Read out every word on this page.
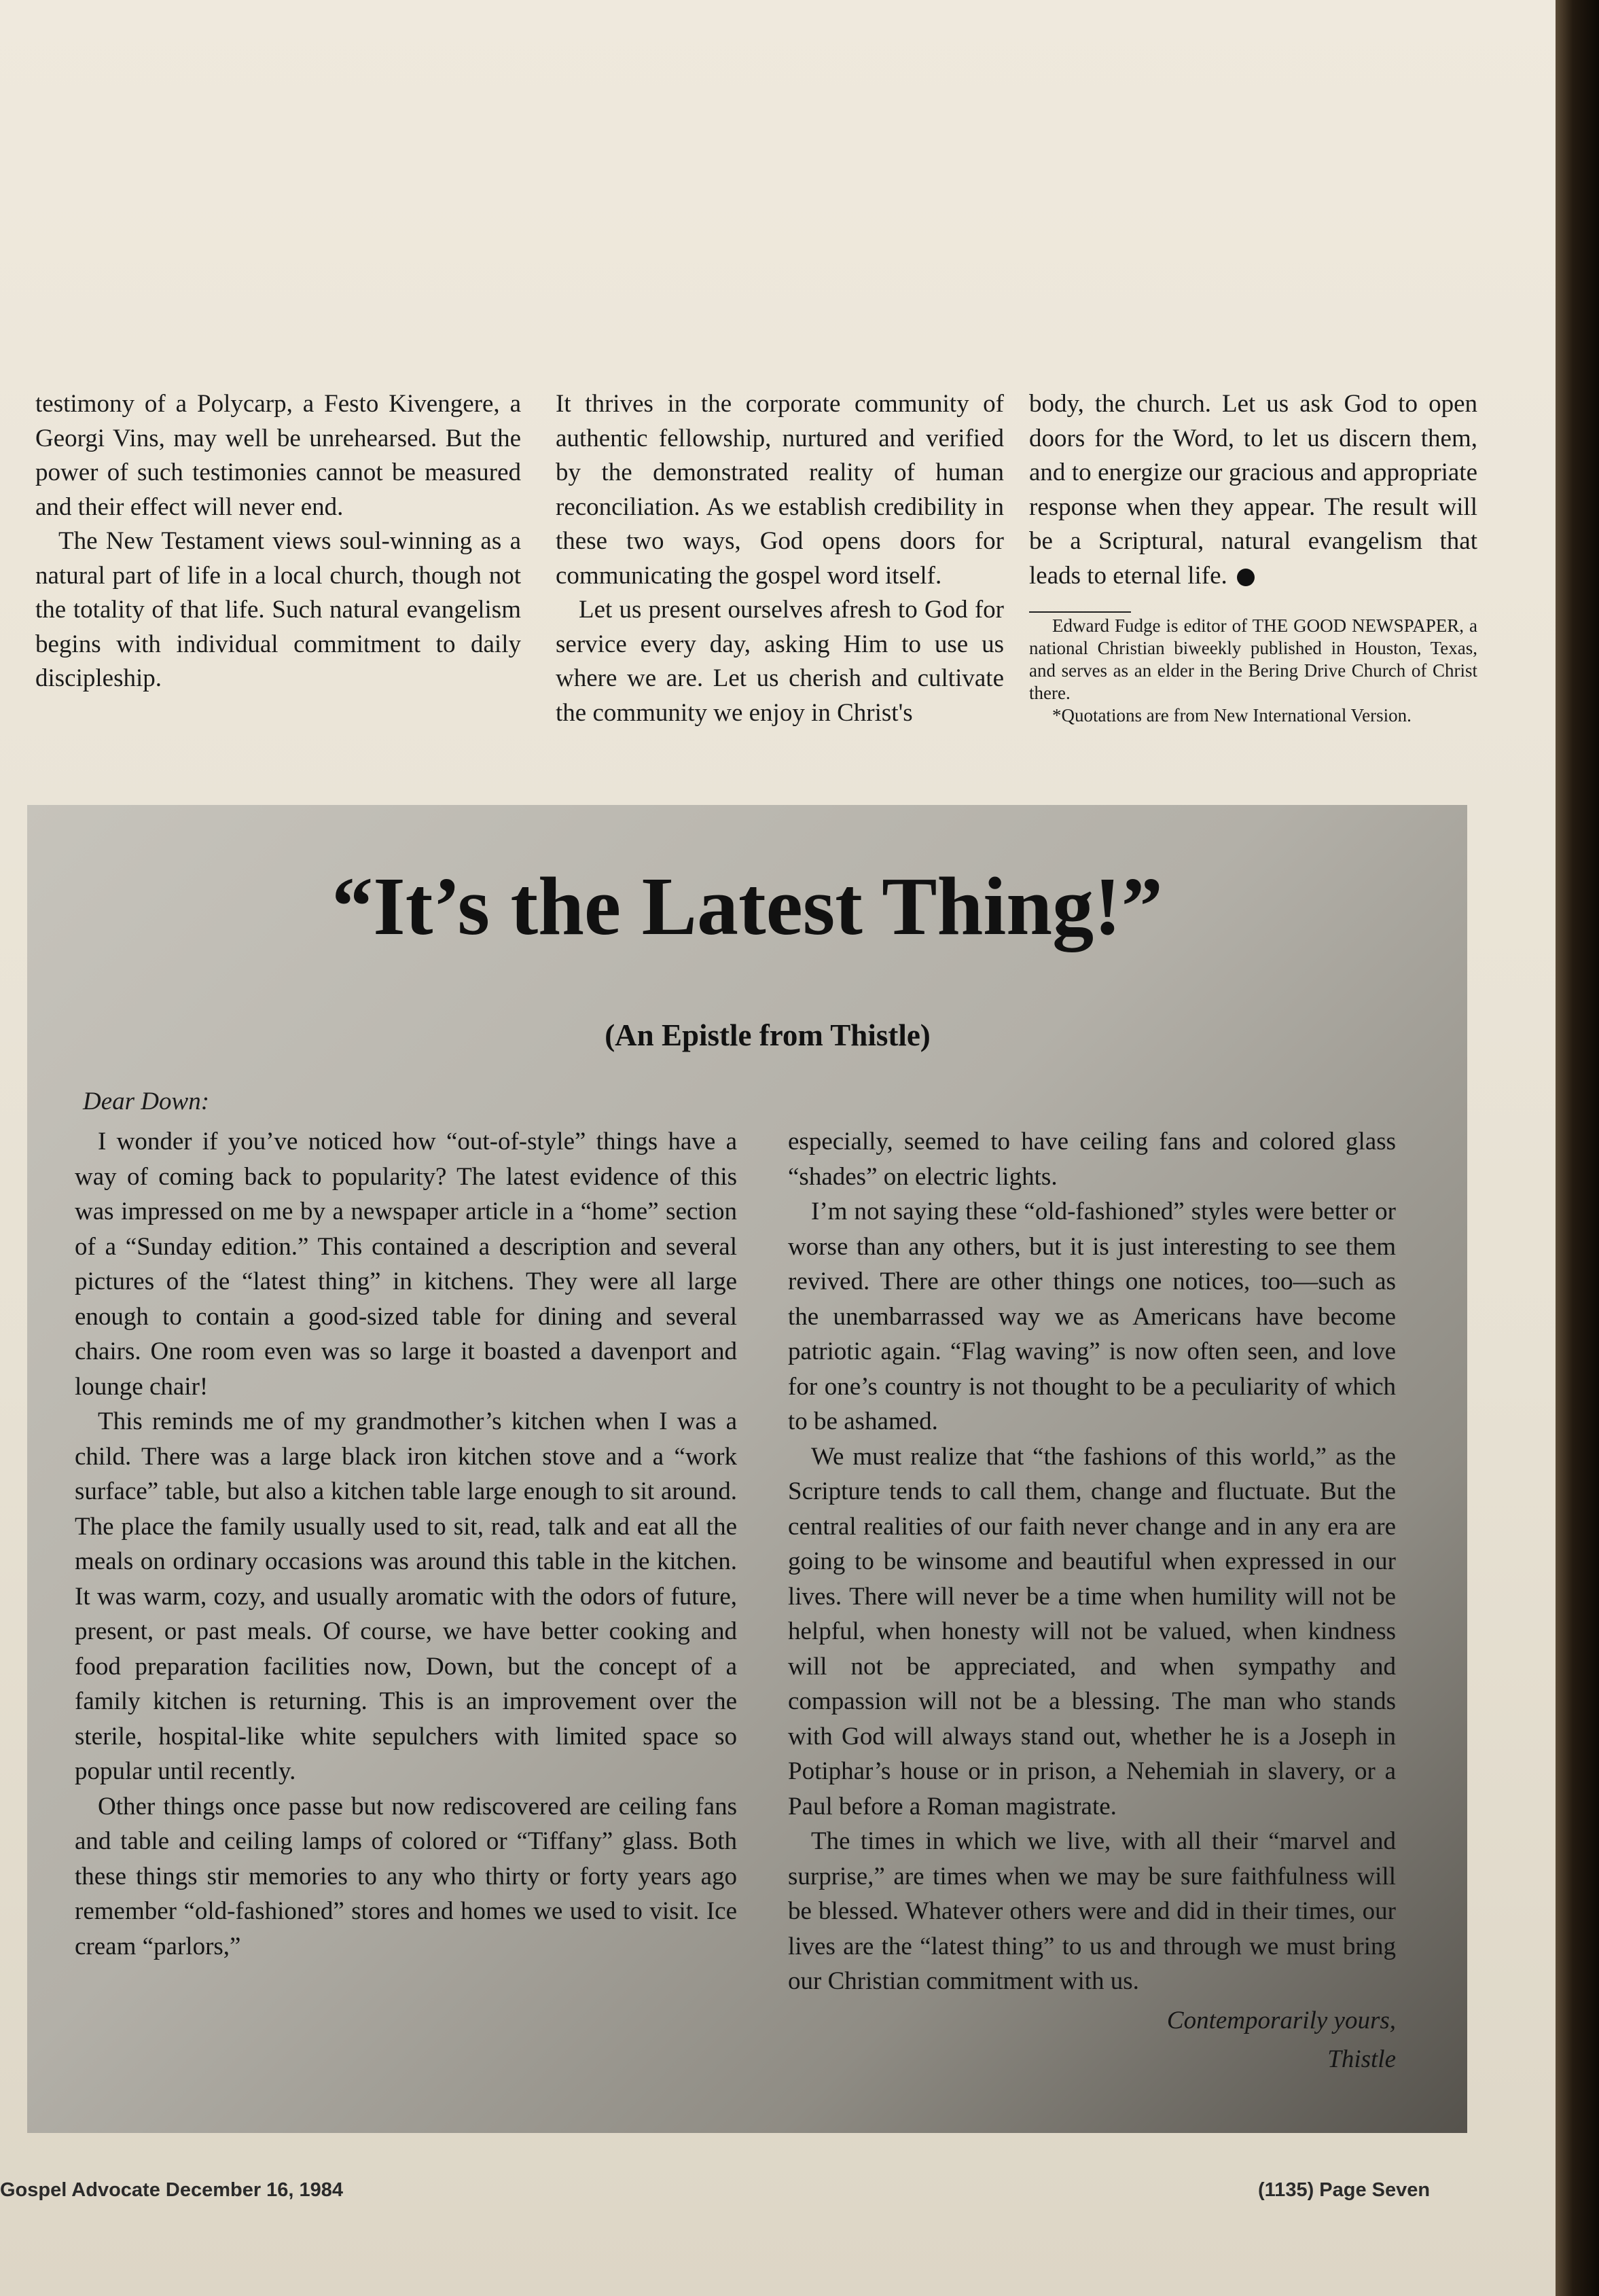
testimony of a Polycarp, a Festo Kivengere, a Georgi Vins, may well be unrehearsed. But the power of such testimonies cannot be measured and their effect will never end.

The New Testament views soul-winning as a natural part of life in a local church, though not the totality of that life. Such natural evangelism begins with individual commitment to daily discipleship.

It thrives in the corporate community of authentic fellowship, nurtured and verified by the demonstrated reality of human reconciliation. As we establish credibility in these two ways, God opens doors for communicating the gospel word itself.

Let us present ourselves afresh to God for service every day, asking Him to use us where we are. Let us cherish and cultivate the community we enjoy in Christ's

body, the church. Let us ask God to open doors for the Word, to let us discern them, and to energize our gracious and appropriate response when they appear. The result will be a Scriptural, natural evangelism that leads to eternal life.

Edward Fudge is editor of THE GOOD NEWSPAPER, a national Christian biweekly published in Houston, Texas, and serves as an elder in the Bering Drive Church of Christ there.

*Quotations are from New International Version.

“It’s the Latest Thing!”
(An Epistle from Thistle)

Dear Down:

I wonder if you’ve noticed how “out-of-style” things have a way of coming back to popularity? The latest evidence of this was impressed on me by a newspaper article in a “home” section of a “Sunday edition.” This contained a description and several pictures of the “latest thing” in kitchens. They were all large enough to contain a good-sized table for dining and several chairs. One room even was so large it boasted a davenport and lounge chair!

This reminds me of my grandmother’s kitchen when I was a child. There was a large black iron kitchen stove and a “work surface” table, but also a kitchen table large enough to sit around. The place the family usually used to sit, read, talk and eat all the meals on ordinary occasions was around this table in the kitchen. It was warm, cozy, and usually aromatic with the odors of future, present, or past meals. Of course, we have better cooking and food preparation facilities now, Down, but the concept of a family kitchen is returning. This is an improvement over the sterile, hospital-like white sepulchers with limited space so popular until recently.

Other things once passe but now rediscovered are ceiling fans and table and ceiling lamps of colored or “Tiffany” glass. Both these things stir memories to any who thirty or forty years ago remember “old-fashioned” stores and homes we used to visit. Ice cream “parlors,”

especially, seemed to have ceiling fans and colored glass “shades” on electric lights.

I’m not saying these “old-fashioned” styles were better or worse than any others, but it is just interesting to see them revived. There are other things one notices, too—such as the unembarrassed way we as Americans have become patriotic again. “Flag waving” is now often seen, and love for one’s country is not thought to be a peculiarity of which to be ashamed.

We must realize that “the fashions of this world,” as the Scripture tends to call them, change and fluctuate. But the central realities of our faith never change and in any era are going to be winsome and beautiful when expressed in our lives. There will never be a time when humility will not be helpful, when honesty will not be valued, when kindness will not be appreciated, and when sympathy and compassion will not be a blessing. The man who stands with God will always stand out, whether he is a Joseph in Potiphar’s house or in prison, a Nehemiah in slavery, or a Paul before a Roman magistrate.

The times in which we live, with all their “marvel and surprise,” are times when we may be sure faithfulness will be blessed. Whatever others were and did in their times, our lives are the “latest thing” to us and through we must bring our Christian commitment with us.

Contemporarily yours,

Thistle

Gospel Advocate December 16, 1984	(1135) Page Seven
